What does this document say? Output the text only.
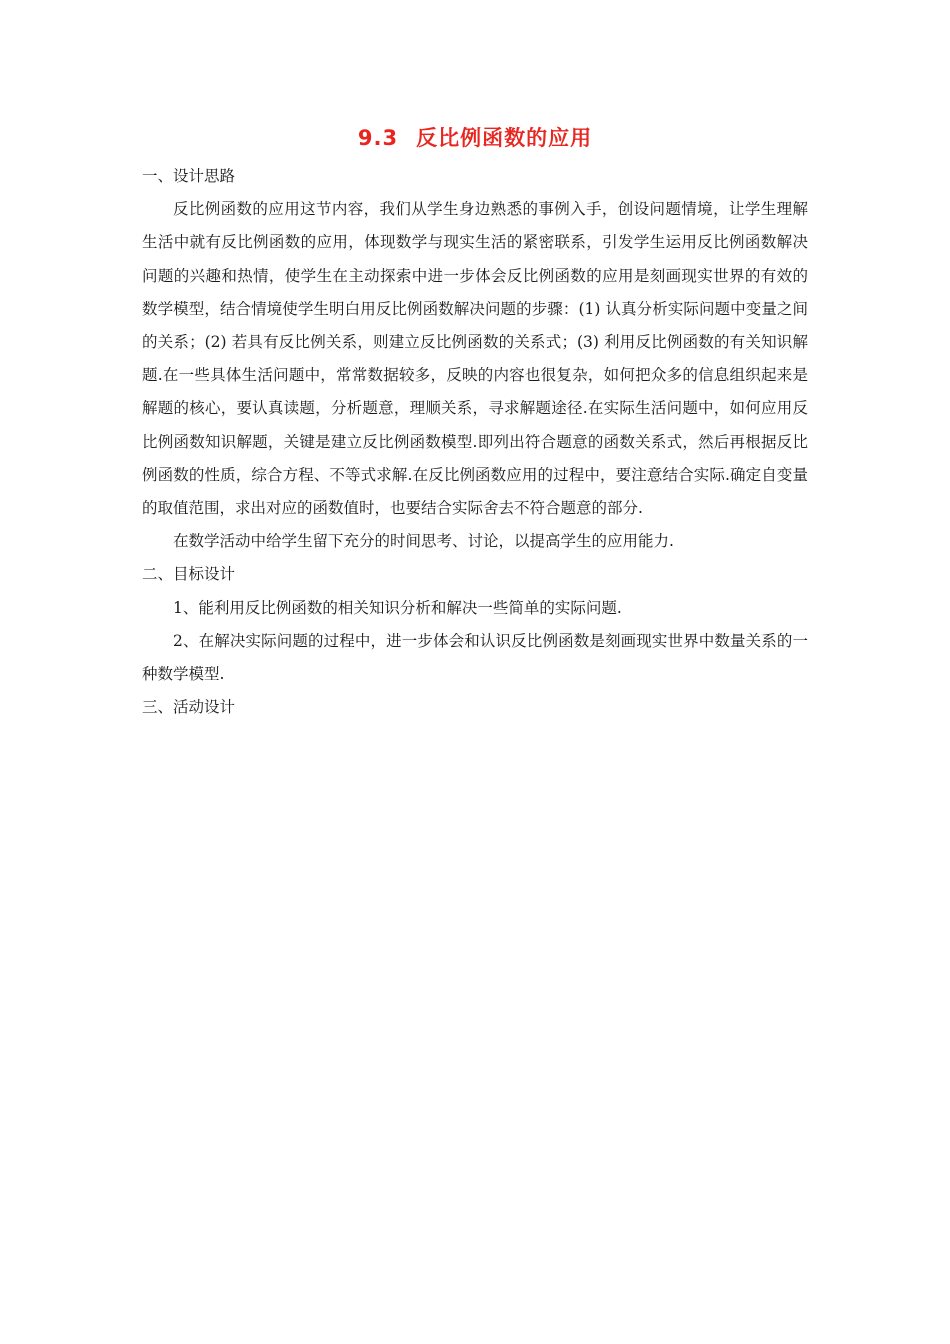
9.3 反比例函数的应用

一、设计思路

反比例函数的应用这节内容，我们从学生身边熟悉的事例入手，创设问题情境，让学生理解生活中就有反比例函数的应用，体现数学与现实生活的紧密联系，引发学生运用反比例函数解决问题的兴趣和热情，使学生在主动探索中进一步体会反比例函数的应用是刻画现实世界的有效的数学模型，结合情境使学生明白用反比例函数解决问题的步骤：(1) 认真分析实际问题中变量之间的关系；(2) 若具有反比例关系，则建立反比例函数的关系式；(3) 利用反比例函数的有关知识解题.在一些具体生活问题中，常常数据较多，反映的内容也很复杂，如何把众多的信息组织起来是解题的核心，要认真读题，分析题意，理顺关系，寻求解题途径.在实际生活问题中，如何应用反比例函数知识解题，关键是建立反比例函数模型.即列出符合题意的函数关系式，然后再根据反比例函数的性质，综合方程、不等式求解.在反比例函数应用的过程中，要注意结合实际.确定自变量的取值范围，求出对应的函数值时，也要结合实际舍去不符合题意的部分.

在数学活动中给学生留下充分的时间思考、讨论，以提高学生的应用能力.

二、目标设计

1、能利用反比例函数的相关知识分析和解决一些简单的实际问题.

2、在解决实际问题的过程中，进一步体会和认识反比例函数是刻画现实世界中数量关系的一种数学模型.

三、活动设计
